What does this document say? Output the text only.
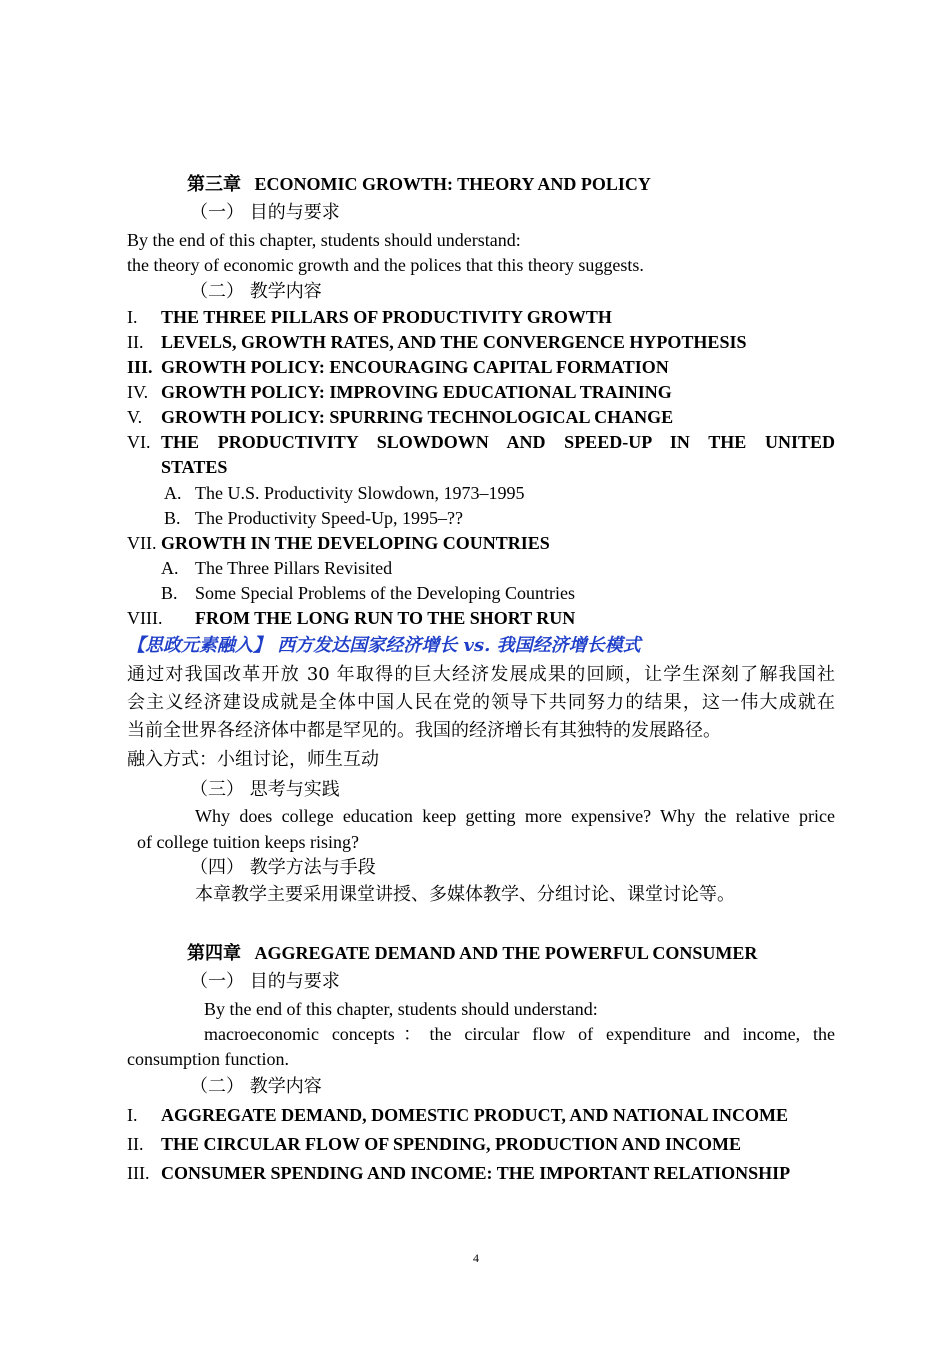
第三章 ECONOMIC GROWTH: THEORY AND POLICY
（一） 目的与要求
By the end of this chapter, students should understand:
the theory of economic growth and the polices that this theory suggests.
（二） 教学内容
I. THE THREE PILLARS OF PRODUCTIVITY GROWTH
II. LEVELS, GROWTH RATES, AND THE CONVERGENCE HYPOTHESIS
III. GROWTH POLICY: ENCOURAGING CAPITAL FORMATION
IV. GROWTH POLICY: IMPROVING EDUCATIONAL TRAINING
V. GROWTH POLICY: SPURRING TECHNOLOGICAL CHANGE
VI. THE PRODUCTIVITY SLOWDOWN AND SPEED-UP IN THE UNITED
STATES
A. The U.S. Productivity Slowdown, 1973–1995
B. The Productivity Speed-Up, 1995–??
VII. GROWTH IN THE DEVELOPING COUNTRIES
A. The Three Pillars Revisited
B. Some Special Problems of the Developing Countries
VIII. FROM THE LONG RUN TO THE SHORT RUN
【思政元素融入】 西方发达国家经济增长 vs. 我国经济增长模式
通过对我国改革开放 30 年取得的巨大经济发展成果的回顾，让学生深刻了解我国社
会主义经济建设成就是全体中国人民在党的领导下共同努力的结果，这一伟大成就在
当前全世界各经济体中都是罕见的。我国的经济增长有其独特的发展路径。
融入方式：小组讨论，师生互动
（三） 思考与实践
Why does college education keep getting more expensive? Why the relative price
of college tuition keeps rising?
（四） 教学方法与手段
本章教学主要采用课堂讲授、多媒体教学、分组讨论、课堂讨论等。
第四章 AGGREGATE DEMAND AND THE POWERFUL CONSUMER
（一） 目的与要求
By the end of this chapter, students should understand:
macroeconomic concepts：the circular flow of expenditure and income, the
consumption function.
（二） 教学内容
I. AGGREGATE DEMAND, DOMESTIC PRODUCT, AND NATIONAL INCOME
II. THE CIRCULAR FLOW OF SPENDING, PRODUCTION AND INCOME
III. CONSUMER SPENDING AND INCOME: THE IMPORTANT RELATIONSHIP
4
